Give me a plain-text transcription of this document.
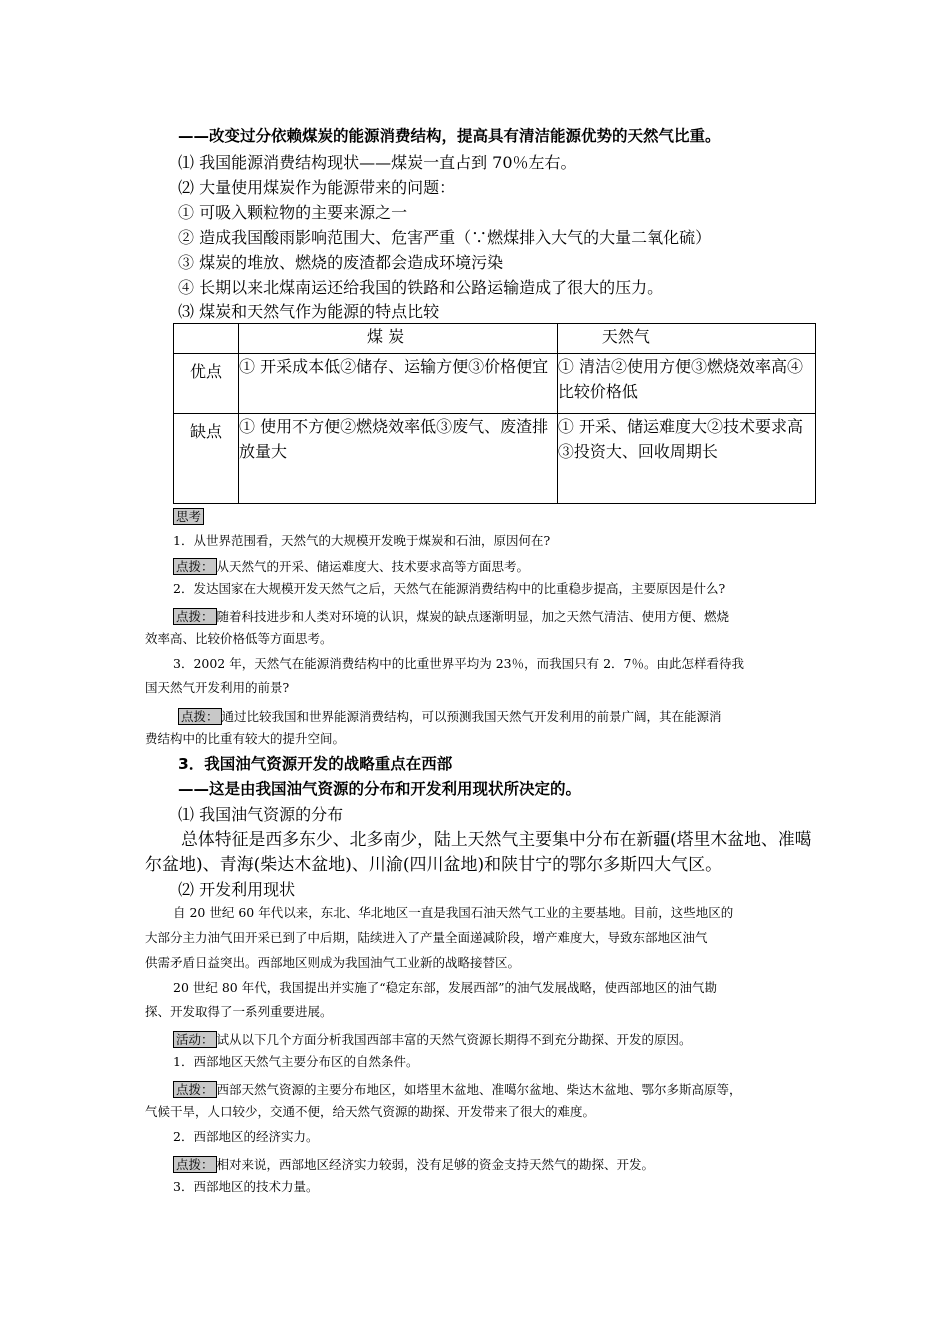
——改变过分依赖煤炭的能源消费结构，提高具有清洁能源优势的天然气比重。
⑴ 我国能源消费结构现状——煤炭一直占到 70％左右。
⑵ 大量使用煤炭作为能源带来的问题：
① 可吸入颗粒物的主要来源之一
② 造成我国酸雨影响范围大、危害严重（∵燃煤排入大气的大量二氧化硫）
③ 煤炭的堆放、燃烧的废渣都会造成环境污染
④ 长期以来北煤南运还给我国的铁路和公路运输造成了很大的压力。
⑶ 煤炭和天然气作为能源的特点比较
	煤 炭	天然气
优点	① 开采成本低②储存、运输方便③价格便宜	① 清洁②使用方便③燃烧效率高④比较价格低
缺点	① 使用不方便②燃烧效率低③废气、废渣排放量大	① 开采、储运难度大②技术要求高③投资大、回收周期长
思考
1．从世界范围看，天然气的大规模开发晚于煤炭和石油，原因何在?
点拨： 从天然气的开采、储运难度大、技术要求高等方面思考。
2．发达国家在大规模开发天然气之后，天然气在能源消费结构中的比重稳步提高，主要原因是什么?
点拨： 随着科技进步和人类对环境的认识，煤炭的缺点逐渐明显，加之天然气清洁、使用方便、燃烧
效率高、比较价格低等方面思考。
3．2002 年，天然气在能源消费结构中的比重世界平均为 23％，而我国只有 2．7％。由此怎样看待我
国天然气开发利用的前景?
点拨： 通过比较我国和世界能源消费结构，可以预测我国天然气开发利用的前景广阔，其在能源消
费结构中的比重有较大的提升空间。
3．我国油气资源开发的战略重点在西部
——这是由我国油气资源的分布和开发利用现状所决定的。
⑴ 我国油气资源的分布
总体特征是西多东少、北多南少，陆上天然气主要集中分布在新疆(塔里木盆地、准噶
尔盆地)、青海(柴达木盆地)、川渝(四川盆地)和陕甘宁的鄂尔多斯四大气区。
⑵ 开发利用现状
自 20 世纪 60 年代以来，东北、华北地区一直是我国石油天然气工业的主要基地。目前，这些地区的
大部分主力油气田开采已到了中后期，陆续进入了产量全面递减阶段，增产难度大，导致东部地区油气
供需矛盾日益突出。西部地区则成为我国油气工业新的战略接替区。
20 世纪 80 年代，我国提出并实施了“稳定东部，发展西部”的油气发展战略，使西部地区的油气勘
探、开发取得了一系列重要进展。
活动： 试从以下几个方面分析我国西部丰富的天然气资源长期得不到充分勘探、开发的原因。
1．西部地区天然气主要分布区的自然条件。
点拨： 西部天然气资源的主要分布地区，如塔里木盆地、准噶尔盆地、柴达木盆地、鄂尔多斯高原等，
气候干旱，人口较少，交通不便，给天然气资源的勘探、开发带来了很大的难度。
2．西部地区的经济实力。
点拨： 相对来说，西部地区经济实力较弱，没有足够的资金支持天然气的勘探、开发。
3．西部地区的技术力量。
